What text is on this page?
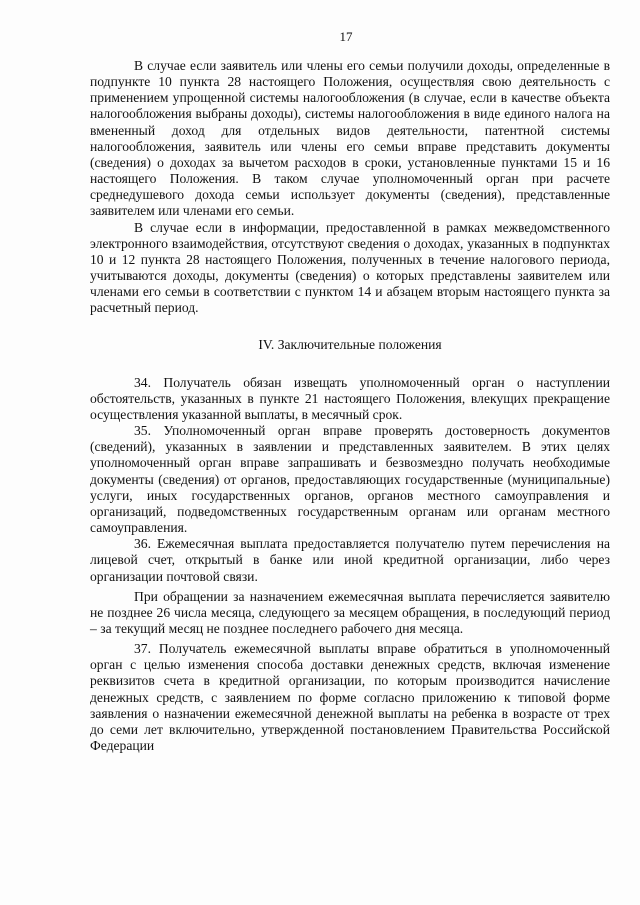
17

В случае если заявитель или члены его семьи получили доходы, определенные в подпункте 10 пункта 28 настоящего Положения, осуществляя свою деятельность с применением упрощенной системы налогообложения (в случае, если в качестве объекта налогообложения выбраны доходы), системы налогообложения в виде единого налога на вмененный доход для отдельных видов деятельности, патентной системы налогообложения, заявитель или члены его семьи вправе представить документы (сведения) о доходах за вычетом расходов в сроки, установленные пунктами 15 и 16 настоящего Положения. В таком случае уполномоченный орган при расчете среднедушевого дохода семьи использует документы (сведения), представленные заявителем или членами его семьи.

В случае если в информации, предоставленной в рамках межведомственного электронного взаимодействия, отсутствуют сведения о доходах, указанных в подпунктах 10 и 12 пункта 28 настоящего Положения, полученных в течение налогового периода, учитываются доходы, документы (сведения) о которых представлены заявителем или членами его семьи в соответствии с пунктом 14 и абзацем вторым настоящего пункта за расчетный период.

IV. Заключительные положения

34. Получатель обязан извещать уполномоченный орган о наступлении обстоятельств, указанных в пункте 21 настоящего Положения, влекущих прекращение осуществления указанной выплаты, в месячный срок.

35. Уполномоченный орган вправе проверять достоверность документов (сведений), указанных в заявлении и представленных заявителем. В этих целях уполномоченный орган вправе запрашивать и безвозмездно получать необходимые документы (сведения) от органов, предоставляющих государственные (муниципальные) услуги, иных государственных органов, органов местного самоуправления и организаций, подведомственных государственным органам или органам местного самоуправления.

36. Ежемесячная выплата предоставляется получателю путем перечисления на лицевой счет, открытый в банке или иной кредитной организации, либо через организации почтовой связи.

При обращении за назначением ежемесячная выплата перечисляется заявителю не позднее 26 числа месяца, следующего за месяцем обращения, в последующий период – за текущий месяц не позднее последнего рабочего дня месяца.

37. Получатель ежемесячной выплаты вправе обратиться в уполномоченный орган с целью изменения способа доставки денежных средств, включая изменение реквизитов счета в кредитной организации, по которым производится начисление денежных средств, с заявлением по форме согласно приложению к типовой форме заявления о назначении ежемесячной денежной выплаты на ребенка в возрасте от трех до семи лет включительно, утвержденной постановлением Правительства Российской Федерации
